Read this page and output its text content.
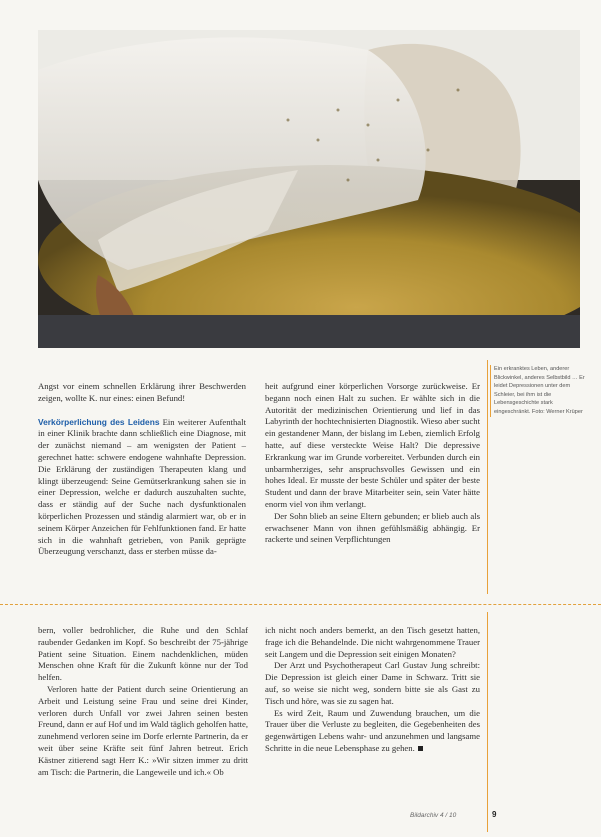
Ein erkranktes Leben, anderer Blickwinkel, anderes Selbstbild … Er leidet Depressionen unter dem Schleier, bei ihm ist die Lebensgeschichte stark eingeschränkt. Foto: Werner Krüper

Angst vor einem schnellen Erklärung ihrer Beschwerden zeigen, wollte K. nur eines: einen Befund!

Verkörperlichung des Leidens Ein weiterer Aufenthalt in einer Klinik brachte dann schließlich eine Diagnose, mit der zunächst niemand – am wenigsten der Patient – gerechnet hatte: schwere endogene wahnhafte Depression. Die Erklärung der zuständigen Therapeuten klang und klingt überzeugend: Seine Gemütserkrankung sahen sie in einer Depression, welche er dadurch auszuhalten suchte, dass er ständig auf der Suche nach dysfunktionalen körperlichen Prozessen und ständig alarmiert war, ob er in seinem Körper Anzeichen für Fehlfunktionen fand. Er hatte sich in die wahnhaft getrieben, von Panik geprägte Überzeugung verschanzt, dass er sterben müsse da-

heit aufgrund einer körperlichen Vorsorge zurückweise. Er begann noch einen Halt zu suchen. Er wählte sich in die Autorität der medizinischen Orientierung und lief in das Labyrinth der hochtechnisierten Diagnostik. Wieso aber sucht ein gestandener Mann, der bislang im Leben, ziemlich Erfolg hatte, auf diese versteckte Weise Halt? Die depressive Erkrankung war im Grunde vorbereitet. Verbunden durch ein unbarmherziges, sehr anspruchsvolles Gewissen und ein hohes Ideal. Er musste der beste Schüler und später der beste Student und dann der brave Mitarbeiter sein, sein Vater hätte enorm viel von ihm verlangt.

Der Sohn blieb an seine Eltern gebunden; er blieb auch als erwachsener Mann von ihnen gefühlsmäßig abhängig. Er rackerte und seinen Verpflichtungen

bern, voller bedrohlicher, die Ruhe und den Schlaf raubender Gedanken im Kopf. So beschreibt der 75-jährige Patient seine Situation. Einem nachdenklichen, müden Menschen ohne Kraft für die Zukunft könne nur der Tod helfen.

Verloren hatte der Patient durch seine Orientierung an Arbeit und Leistung seine Frau und seine drei Kinder, verloren durch Unfall vor zwei Jahren seinen besten Freund, dann er auf Hof und im Wald täglich geholfen hatte, zunehmend verloren seine im Dorfe erlernte Partnerin, da er weit über seine Kräfte seit fünf Jahren betreut. Erich Kästner zitierend sagt Herr K.: »Wir sitzen immer zu dritt am Tisch: die Partnerin, die Langeweile und ich.« Ob

ich nicht noch anders bemerkt, an den Tisch gesetzt hatten, frage ich die Behandelnde. Die nicht wahrgenommene Trauer seit Langem und die Depression seit einigen Monaten?

Der Arzt und Psychotherapeut Carl Gustav Jung schreibt: Die Depression ist gleich einer Dame in Schwarz. Tritt sie auf, so weise sie nicht weg, sondern bitte sie als Gast zu Tisch und höre, was sie zu sagen hat.

Es wird Zeit, Raum und Zuwendung brauchen, um die Trauer über die Verluste zu begleiten, die Gegebenheiten des gegenwärtigen Lebens wahr- und anzunehmen und langsame Schritte in die neue Lebensphase zu gehen.

Bildarchiv 4 / 10	9
